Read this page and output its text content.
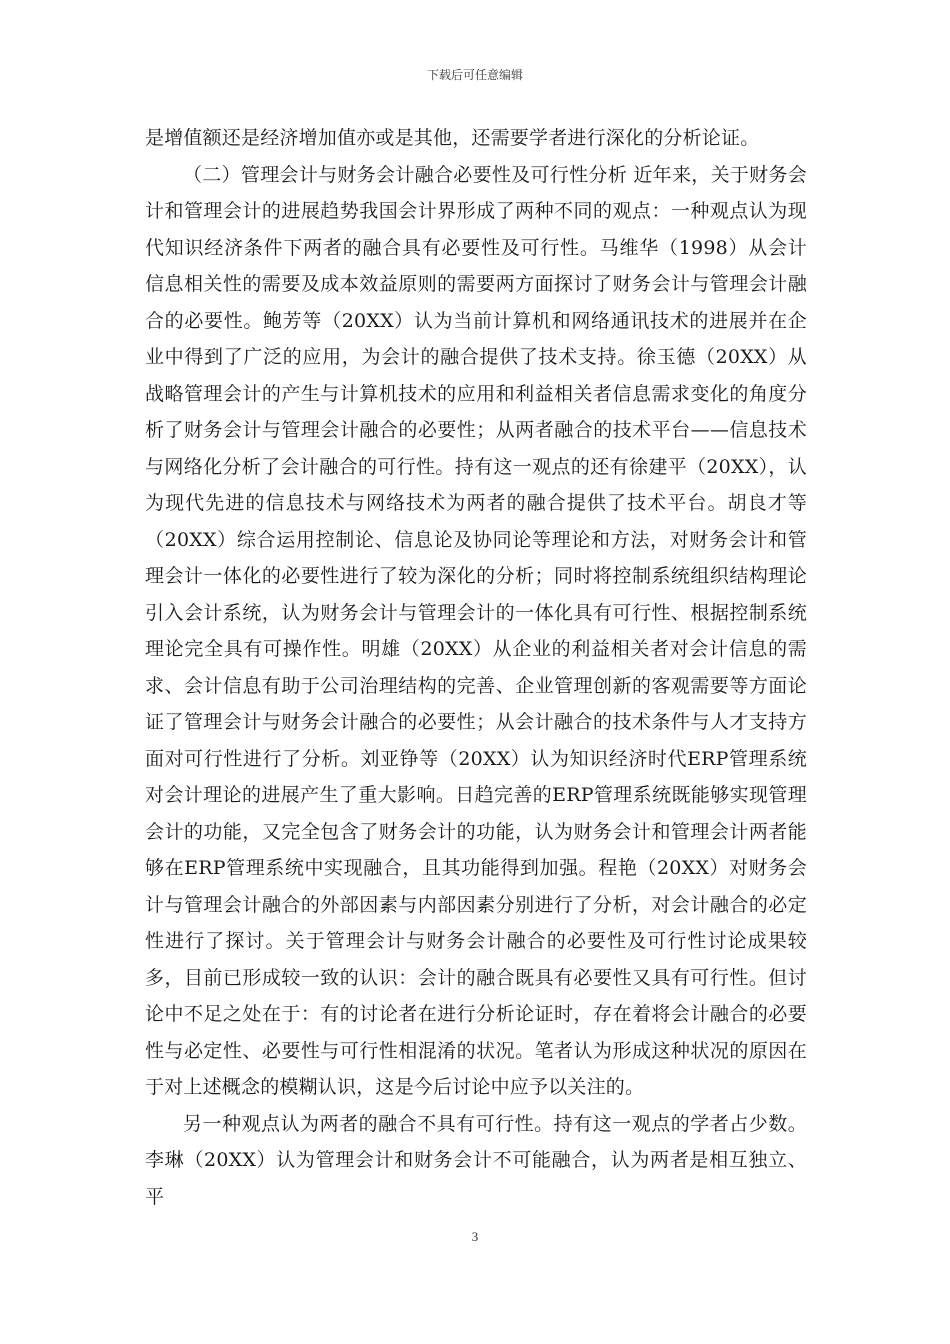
下载后可任意编辑

是增值额还是经济增加值亦或是其他，还需要学者进行深化的分析论证。

（二）管理会计与财务会计融合必要性及可行性分析 近年来，关于财务会计和管理会计的进展趋势我国会计界形成了两种不同的观点：一种观点认为现代知识经济条件下两者的融合具有必要性及可行性。马维华（1998）从会计信息相关性的需要及成本效益原则的需要两方面探讨了财务会计与管理会计融合的必要性。鲍芳等（20XX）认为当前计算机和网络通讯技术的进展并在企业中得到了广泛的应用，为会计的融合提供了技术支持。徐玉德（20XX）从战略管理会计的产生与计算机技术的应用和利益相关者信息需求变化的角度分析了财务会计与管理会计融合的必要性；从两者融合的技术平台——信息技术与网络化分析了会计融合的可行性。持有这一观点的还有徐建平（20XX），认为现代先进的信息技术与网络技术为两者的融合提供了技术平台。胡良才等（20XX）综合运用控制论、信息论及协同论等理论和方法，对财务会计和管理会计一体化的必要性进行了较为深化的分析；同时将控制系统组织结构理论引入会计系统，认为财务会计与管理会计的一体化具有可行性、根据控制系统理论完全具有可操作性。明雄（20XX）从企业的利益相关者对会计信息的需求、会计信息有助于公司治理结构的完善、企业管理创新的客观需要等方面论证了管理会计与财务会计融合的必要性；从会计融合的技术条件与人才支持方面对可行性进行了分析。刘亚铮等（20XX）认为知识经济时代ERP管理系统对会计理论的进展产生了重大影响。日趋完善的ERP管理系统既能够实现管理会计的功能，又完全包含了财务会计的功能，认为财务会计和管理会计两者能够在ERP管理系统中实现融合，且其功能得到加强。程艳（20XX）对财务会计与管理会计融合的外部因素与内部因素分别进行了分析，对会计融合的必定性进行了探讨。关于管理会计与财务会计融合的必要性及可行性讨论成果较多，目前已形成较一致的认识：会计的融合既具有必要性又具有可行性。但讨论中不足之处在于：有的讨论者在进行分析论证时，存在着将会计融合的必要性与必定性、必要性与可行性相混淆的状况。笔者认为形成这种状况的原因在于对上述概念的模糊认识，这是今后讨论中应予以关注的。

另一种观点认为两者的融合不具有可行性。持有这一观点的学者占少数。李琳（20XX）认为管理会计和财务会计不可能融合，认为两者是相互独立、平

3
